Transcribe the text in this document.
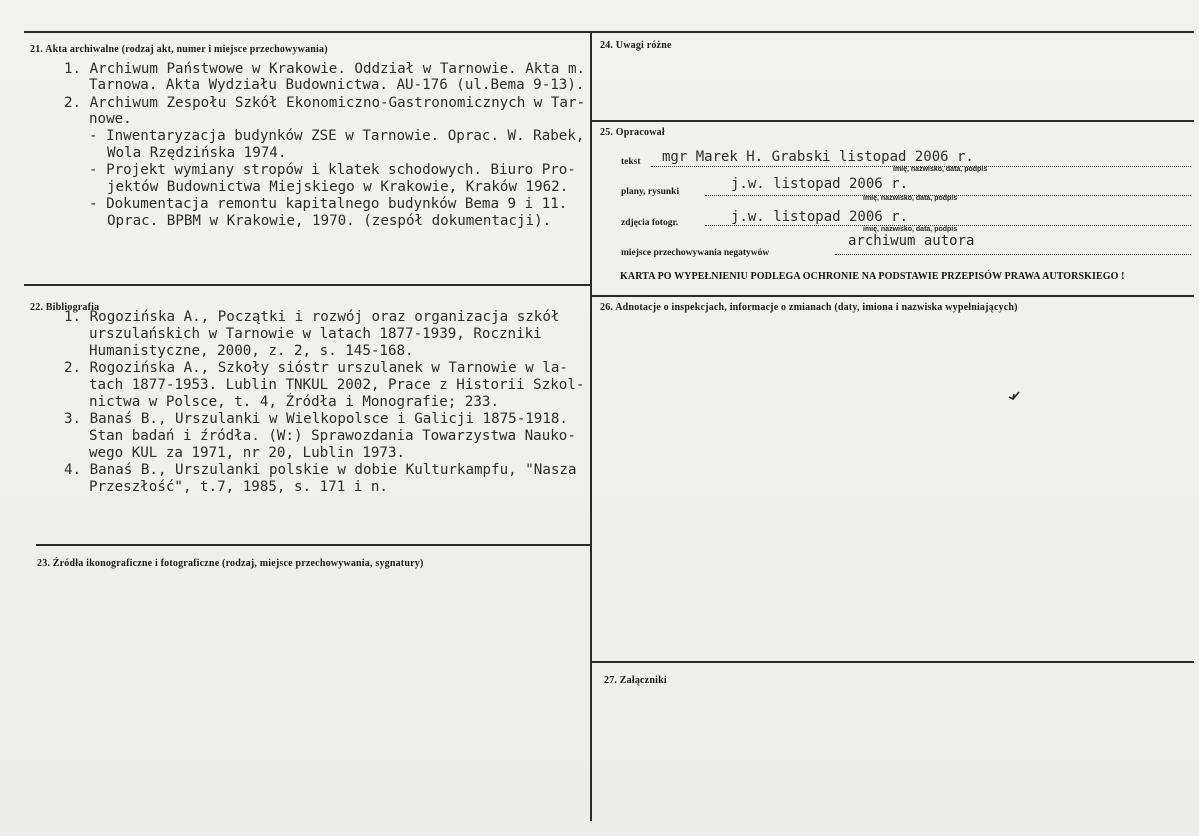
21. Akta archiwalne (rodzaj akt, numer i miejsce przechowywania)
1. Archiwum Państwowe w Krakowie. Oddział w Tarnowie. Akta m.
Tarnowa. Akta Wydziału Budownictwa. AU-176 (ul.Bema 9-13).
2. Archiwum Zespołu Szkół Ekonomiczno-Gastronomicznych w Tar-
nowe.
- Inwentaryzacja budynków ZSE w Tarnowie. Oprac. W. Rabek,
Wola Rzędzińska 1974.
- Projekt wymiany stropów i klatek schodowych. Biuro Pro-
jektów Budownictwa Miejskiego w Krakowie, Kraków 1962.
- Dokumentacja remontu kapitalnego budynków Bema 9 i 11.
Oprac. BPBM w Krakowie, 1970. (zespół dokumentacji).
22. Bibliografia
1. Rogozińska A., Początki i rozwój oraz organizacja szkół
urszulańskich w Tarnowie w latach 1877-1939, Roczniki
Humanistyczne, 2000, z. 2, s. 145-168.
2. Rogozińska A., Szkoły sióstr urszulanek w Tarnowie w la-
tach 1877-1953. Lublin TNKUL 2002, Prace z Historii Szkol-
nictwa w Polsce, t. 4, Źródła i Monografie; 233.
3. Banaś B., Urszulanki w Wielkopolsce i Galicji 1875-1918.
Stan badań i źródła. (W:) Sprawozdania Towarzystwa Nauko-
wego KUL za 1971, nr 20, Lublin 1973.
4. Banaś B., Urszulanki polskie w dobie Kulturkampfu, "Nasza
Przeszłość", t.7, 1985, s. 171 i n.
23. Źródła ikonograficzne i fotograficzne (rodzaj, miejsce przechowywania, sygnatury)
24. Uwagi różne
25. Opracował
tekst mgr Marek H. Grabski listopad 2006 r.
imię, nazwisko, data, podpis
plany, rysunki	j.w. listopad 2006 r.
imię, nazwisko, data, podpis
zdjęcia fotogr.	j.w. listopad 2006 r.
imię, nazwisko, data, podpis
miejsce przechowywania negatywów
archiwum autora
KARTA PO WYPEŁNIENIU PODLEGA OCHRONIE NA PODSTAWIE PRZEPISÓW PRAWA AUTORSKIEGO !
26. Adnotacje o inspekcjach, informacje o zmianach (daty, imiona i nazwiska wypełniających)
27. Załączniki
